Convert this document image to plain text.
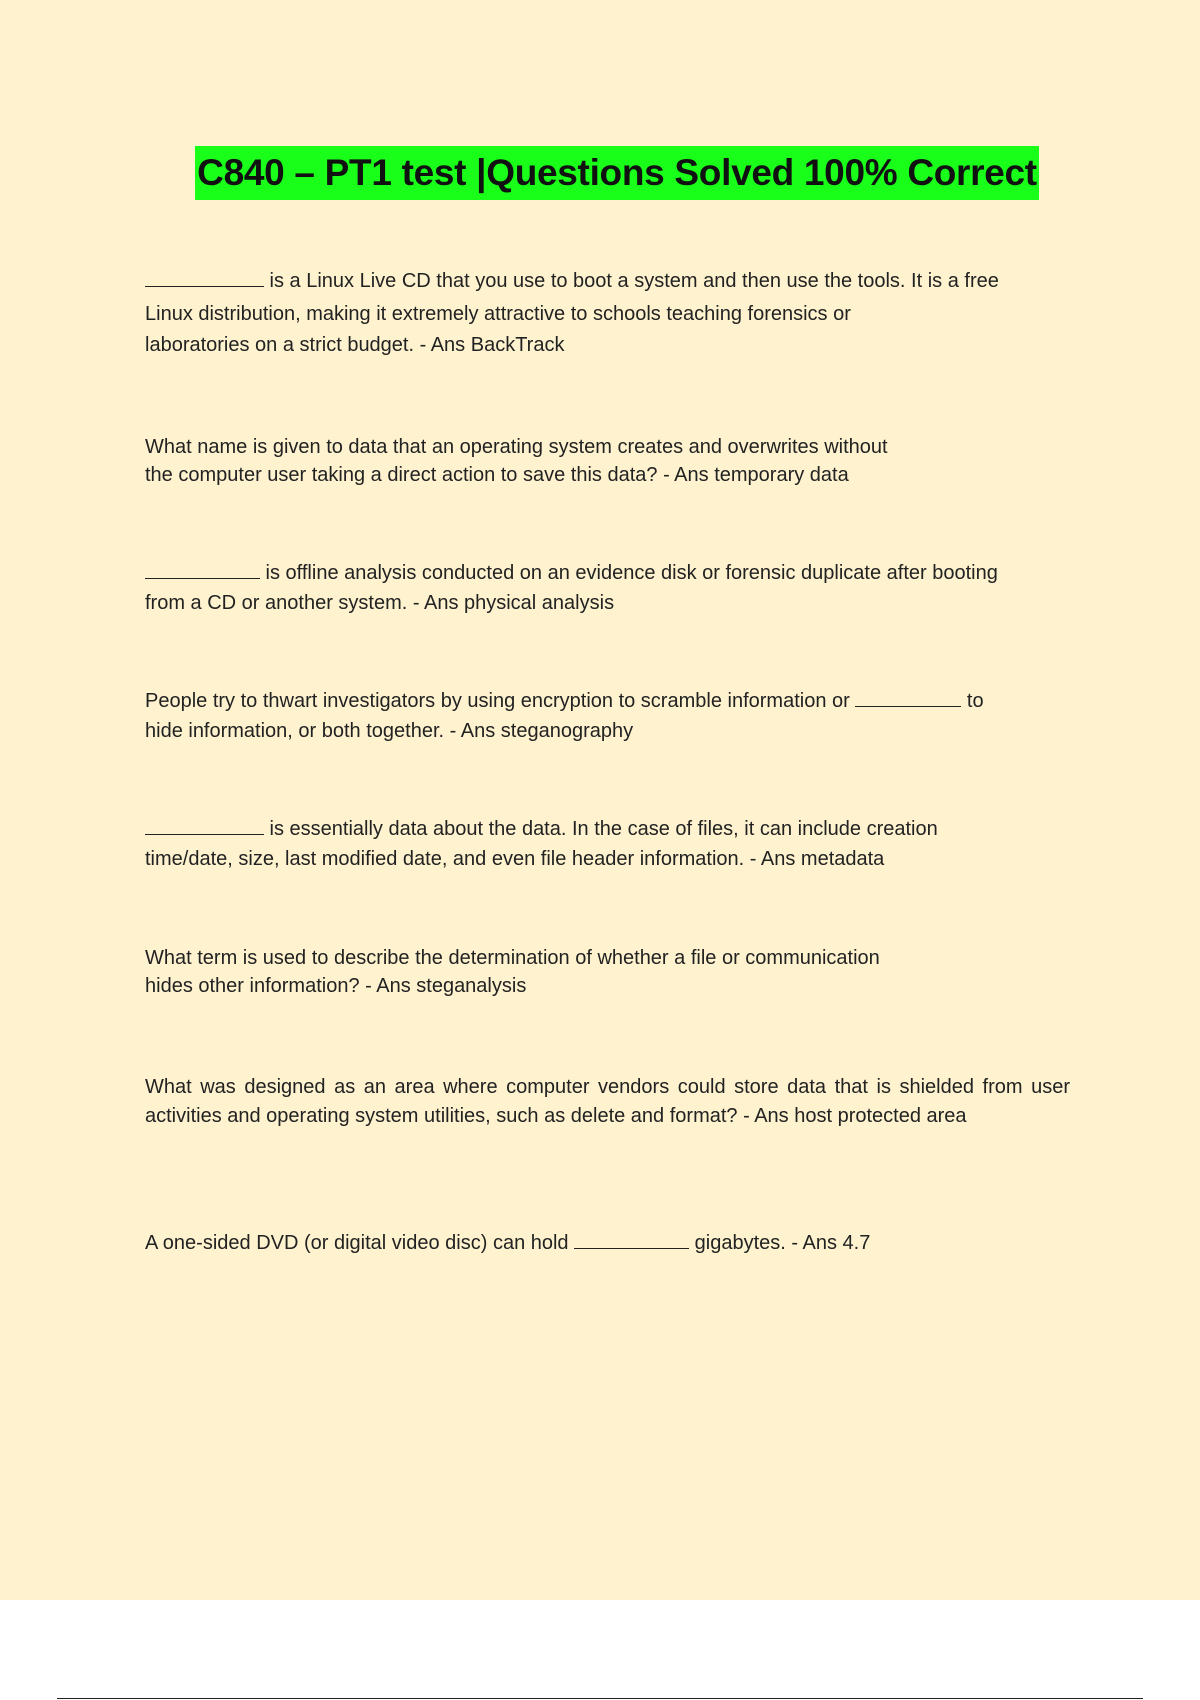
C840 – PT1 test |Questions Solved 100% Correct
is a Linux Live CD that you use to boot a system and then use the tools. It is a free
Linux distribution, making it extremely attractive to schools teaching forensics or
laboratories on a strict budget. - Ans BackTrack
What name is given to data that an operating system creates and overwrites without
the computer user taking a direct action to save this data? - Ans temporary data
is offline analysis conducted on an evidence disk or forensic duplicate after booting
from a CD or another system. - Ans physical analysis
People try to thwart investigators by using encryption to scramble information or	to
hide information, or both together. - Ans steganography
is essentially data about the data. In the case of files, it can include creation
time/date, size, last modified date, and even file header information. - Ans metadata
What term is used to describe the determination of whether a file or communication
hides other information? - Ans steganalysis
What was designed as an area where computer vendors could store data that is shielded from user activities and operating system utilities, such as delete and format? - Ans host protected area
A one-sided DVD (or digital video disc) can hold	gigabytes. - Ans 4.7
